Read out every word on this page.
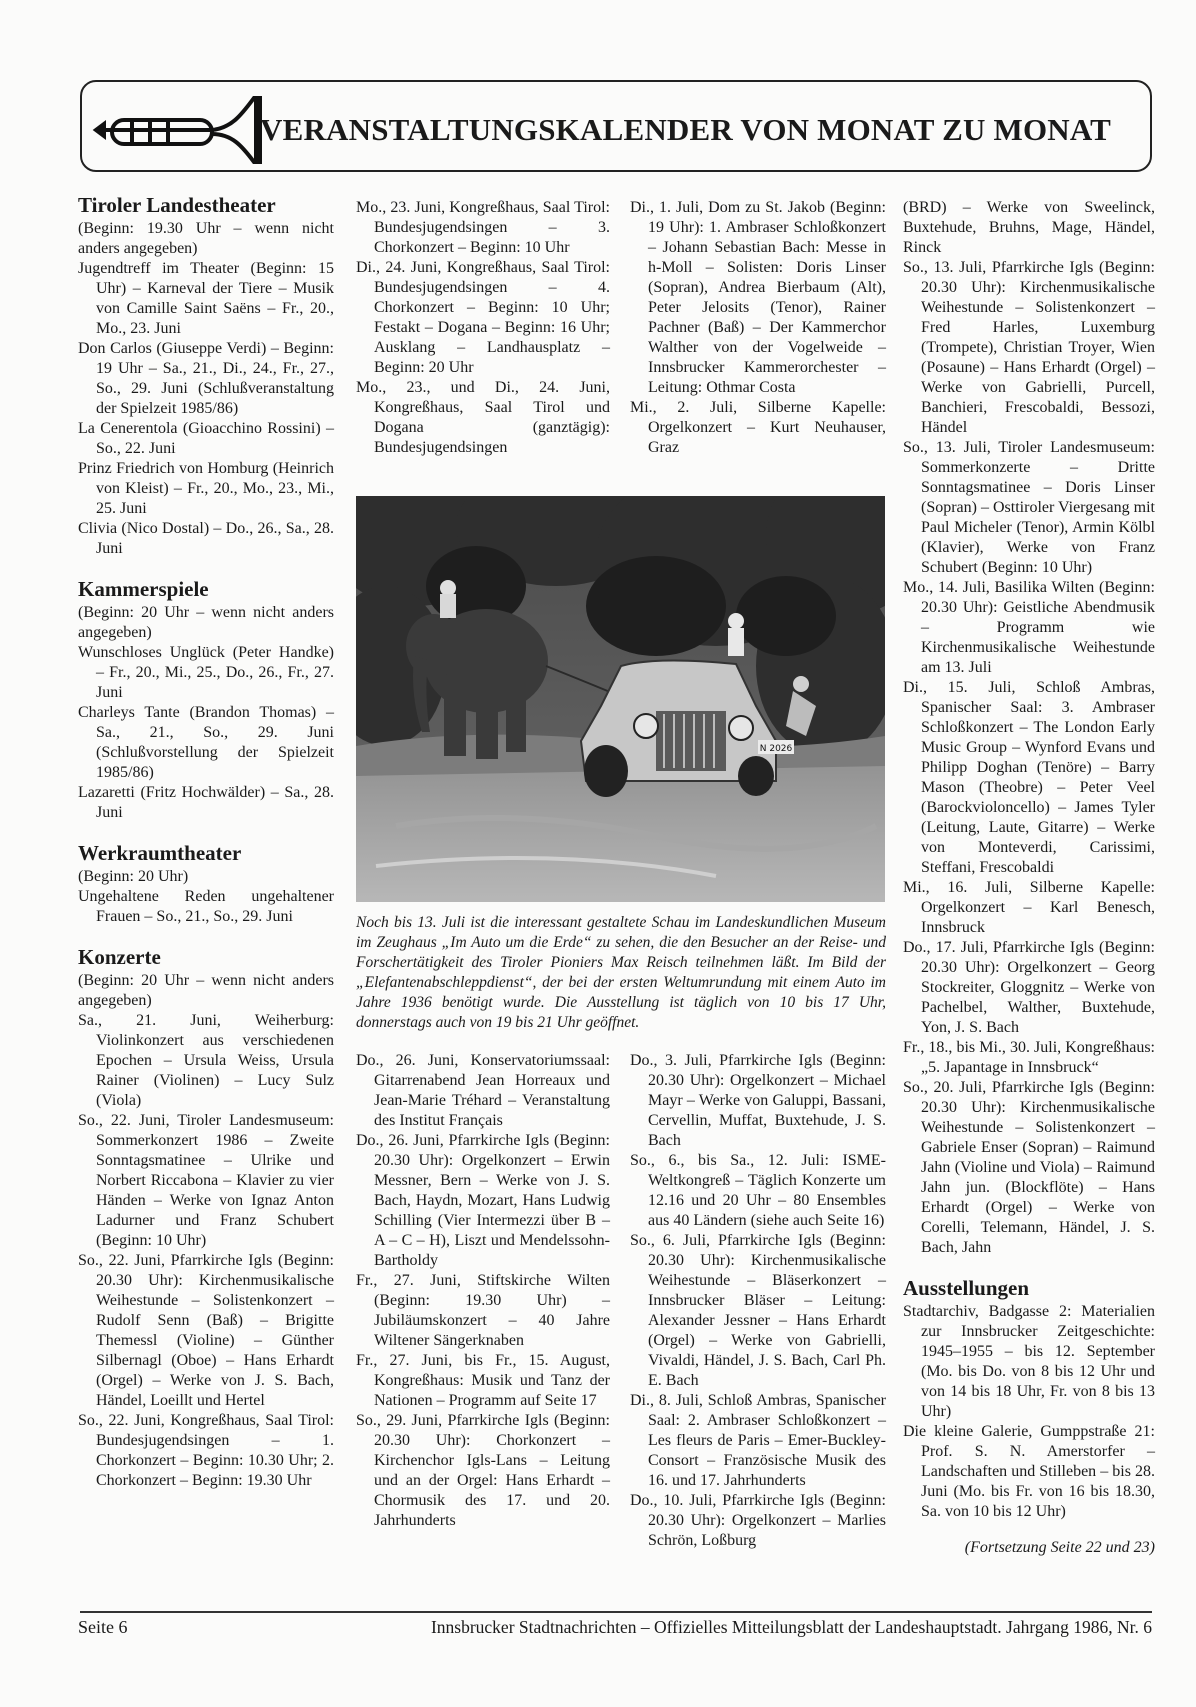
VERANSTALTUNGSKALENDER VON MONAT ZU MONAT
Tiroler Landestheater

(Beginn: 19.30 Uhr – wenn nicht anders angegeben)

Jugendtreff im Theater (Beginn: 15 Uhr) – Karneval der Tiere – Musik von Camille Saint Saëns – Fr., 20., Mo., 23. Juni

Don Carlos (Giuseppe Verdi) – Beginn: 19 Uhr – Sa., 21., Di., 24., Fr., 27., So., 29. Juni (Schlußveranstaltung der Spielzeit 1985/86)

La Cenerentola (Gioacchino Rossini) – So., 22. Juni

Prinz Friedrich von Homburg (Heinrich von Kleist) – Fr., 20., Mo., 23., Mi., 25. Juni

Clivia (Nico Dostal) – Do., 26., Sa., 28. Juni

Kammerspiele

(Beginn: 20 Uhr – wenn nicht anders angegeben)

Wunschloses Unglück (Peter Handke) – Fr., 20., Mi., 25., Do., 26., Fr., 27. Juni

Charleys Tante (Brandon Thomas) – Sa., 21., So., 29. Juni (Schlußvorstellung der Spielzeit 1985/86)

Lazaretti (Fritz Hochwälder) – Sa., 28. Juni

Werkraumtheater

(Beginn: 20 Uhr)

Ungehaltene Reden ungehaltener Frauen – So., 21., So., 29. Juni

Konzerte

(Beginn: 20 Uhr – wenn nicht anders angegeben)

Sa., 21. Juni, Weiherburg: Violinkonzert aus verschiedenen Epochen – Ursula Weiss, Ursula Rainer (Violinen) – Lucy Sulz (Viola)

So., 22. Juni, Tiroler Landesmuseum: Sommerkonzert 1986 – Zweite Sonntagsmatinee – Ulrike und Norbert Riccabona – Klavier zu vier Händen – Werke von Ignaz Anton Ladurner und Franz Schubert (Beginn: 10 Uhr)

So., 22. Juni, Pfarrkirche Igls (Beginn: 20.30 Uhr): Kirchenmusikalische Weihestunde – Solistenkonzert – Rudolf Senn (Baß) – Brigitte Themessl (Violine) – Günther Silbernagl (Oboe) – Hans Erhardt (Orgel) – Werke von J. S. Bach, Händel, Loeillt und Hertel

So., 22. Juni, Kongreßhaus, Saal Tirol: Bundesjugendsingen – 1. Chorkonzert – Beginn: 10.30 Uhr; 2. Chorkonzert – Beginn: 19.30 Uhr

Mo., 23. Juni, Kongreßhaus, Saal Tirol: Bundesjugendsingen – 3. Chorkonzert – Beginn: 10 Uhr

Di., 24. Juni, Kongreßhaus, Saal Tirol: Bundesjugendsingen – 4. Chorkonzert – Beginn: 10 Uhr; Festakt – Dogana – Beginn: 16 Uhr; Ausklang – Landhausplatz – Beginn: 20 Uhr

Mo., 23., und Di., 24. Juni, Kongreßhaus, Saal Tirol und Dogana (ganztägig): Bundesjugendsingen

Di., 1. Juli, Dom zu St. Jakob (Beginn: 19 Uhr): 1. Ambraser Schloßkonzert – Johann Sebastian Bach: Messe in h-Moll – Solisten: Doris Linser (Sopran), Andrea Bierbaum (Alt), Peter Jelosits (Tenor), Rainer Pachner (Baß) – Der Kammerchor Walther von der Vogelweide – Innsbrucker Kammerorchester – Leitung: Othmar Costa

Mi., 2. Juli, Silberne Kapelle: Orgelkonzert – Kurt Neuhauser, Graz

N 2026
Noch bis 13. Juli ist die interessant gestaltete Schau im Landeskundlichen Museum im Zeughaus „Im Auto um die Erde“ zu sehen, die den Besucher an der Reise- und Forschertätigkeit des Tiroler Pioniers Max Reisch teilnehmen läßt. Im Bild der „Elefantenabschleppdienst“, der bei der ersten Weltumrundung mit einem Auto im Jahre 1936 benötigt wurde. Die Ausstellung ist täglich von 10 bis 17 Uhr, donnerstags auch von 19 bis 21 Uhr geöffnet.

Do., 26. Juni, Konservatoriumssaal: Gitarrenabend Jean Horreaux und Jean-Marie Tréhard – Veranstaltung des Institut Français

Do., 26. Juni, Pfarrkirche Igls (Beginn: 20.30 Uhr): Orgelkonzert – Erwin Messner, Bern – Werke von J. S. Bach, Haydn, Mozart, Hans Ludwig Schilling (Vier Intermezzi über B – A – C – H), Liszt und Mendelssohn-Bartholdy

Fr., 27. Juni, Stiftskirche Wilten (Beginn: 19.30 Uhr) – Jubiläumskonzert – 40 Jahre Wiltener Sängerknaben

Fr., 27. Juni, bis Fr., 15. August, Kongreßhaus: Musik und Tanz der Nationen – Programm auf Seite 17

So., 29. Juni, Pfarrkirche Igls (Beginn: 20.30 Uhr): Chorkonzert – Kirchenchor Igls-Lans – Leitung und an der Orgel: Hans Erhardt – Chormusik des 17. und 20. Jahrhunderts

Do., 3. Juli, Pfarrkirche Igls (Beginn: 20.30 Uhr): Orgelkonzert – Michael Mayr – Werke von Galuppi, Bassani, Cervellin, Muffat, Buxtehude, J. S. Bach

So., 6., bis Sa., 12. Juli: ISME-Weltkongreß – Täglich Konzerte um 12.16 und 20 Uhr – 80 Ensembles aus 40 Ländern (siehe auch Seite 16)

So., 6. Juli, Pfarrkirche Igls (Beginn: 20.30 Uhr): Kirchenmusikalische Weihestunde – Bläserkonzert – Innsbrucker Bläser – Leitung: Alexander Jessner – Hans Erhardt (Orgel) – Werke von Gabrielli, Vivaldi, Händel, J. S. Bach, Carl Ph. E. Bach

Di., 8. Juli, Schloß Ambras, Spanischer Saal: 2. Ambraser Schloßkonzert – Les fleurs de Paris – Emer-Buckley-Consort – Französische Musik des 16. und 17. Jahrhunderts

Do., 10. Juli, Pfarrkirche Igls (Beginn: 20.30 Uhr): Orgelkonzert – Marlies Schrön, Loßburg

(BRD) – Werke von Sweelinck, Buxtehude, Bruhns, Mage, Händel, Rinck

So., 13. Juli, Pfarrkirche Igls (Beginn: 20.30 Uhr): Kirchenmusikalische Weihestunde – Solistenkonzert – Fred Harles, Luxemburg (Trompete), Christian Troyer, Wien (Posaune) – Hans Erhardt (Orgel) – Werke von Gabrielli, Purcell, Banchieri, Frescobaldi, Bessozi, Händel

So., 13. Juli, Tiroler Landesmuseum: Sommerkonzerte – Dritte Sonntagsmatinee – Doris Linser (Sopran) – Osttiroler Viergesang mit Paul Micheler (Tenor), Armin Kölbl (Klavier), Werke von Franz Schubert (Beginn: 10 Uhr)

Mo., 14. Juli, Basilika Wilten (Beginn: 20.30 Uhr): Geistliche Abendmusik – Programm wie Kirchenmusikalische Weihestunde am 13. Juli

Di., 15. Juli, Schloß Ambras, Spanischer Saal: 3. Ambraser Schloßkonzert – The London Early Music Group – Wynford Evans und Philipp Doghan (Tenöre) – Barry Mason (Theobre) – Peter Veel (Barockvioloncello) – James Tyler (Leitung, Laute, Gitarre) – Werke von Monteverdi, Carissimi, Steffani, Frescobaldi

Mi., 16. Juli, Silberne Kapelle: Orgelkonzert – Karl Benesch, Innsbruck

Do., 17. Juli, Pfarrkirche Igls (Beginn: 20.30 Uhr): Orgelkonzert – Georg Stockreiter, Gloggnitz – Werke von Pachelbel, Walther, Buxtehude, Yon, J. S. Bach

Fr., 18., bis Mi., 30. Juli, Kongreßhaus: „5. Japantage in Innsbruck“

So., 20. Juli, Pfarrkirche Igls (Beginn: 20.30 Uhr): Kirchenmusikalische Weihestunde – Solistenkonzert – Gabriele Enser (Sopran) – Raimund Jahn (Violine und Viola) – Raimund Jahn jun. (Blockflöte) – Hans Erhardt (Orgel) – Werke von Corelli, Telemann, Händel, J. S. Bach, Jahn

Ausstellungen

Stadtarchiv, Badgasse 2: Materialien zur Innsbrucker Zeitgeschichte: 1945–1955 – bis 12. September (Mo. bis Do. von 8 bis 12 Uhr und von 14 bis 18 Uhr, Fr. von 8 bis 13 Uhr)

Die kleine Galerie, Gumppstraße 21: Prof. S. N. Amerstorfer – Landschaften und Stilleben – bis 28. Juni (Mo. bis Fr. von 16 bis 18.30, Sa. von 10 bis 12 Uhr)

(Fortsetzung Seite 22 und 23)
Seite 6	Innsbrucker Stadtnachrichten – Offizielles Mitteilungsblatt der Landeshauptstadt. Jahrgang 1986, Nr. 6
